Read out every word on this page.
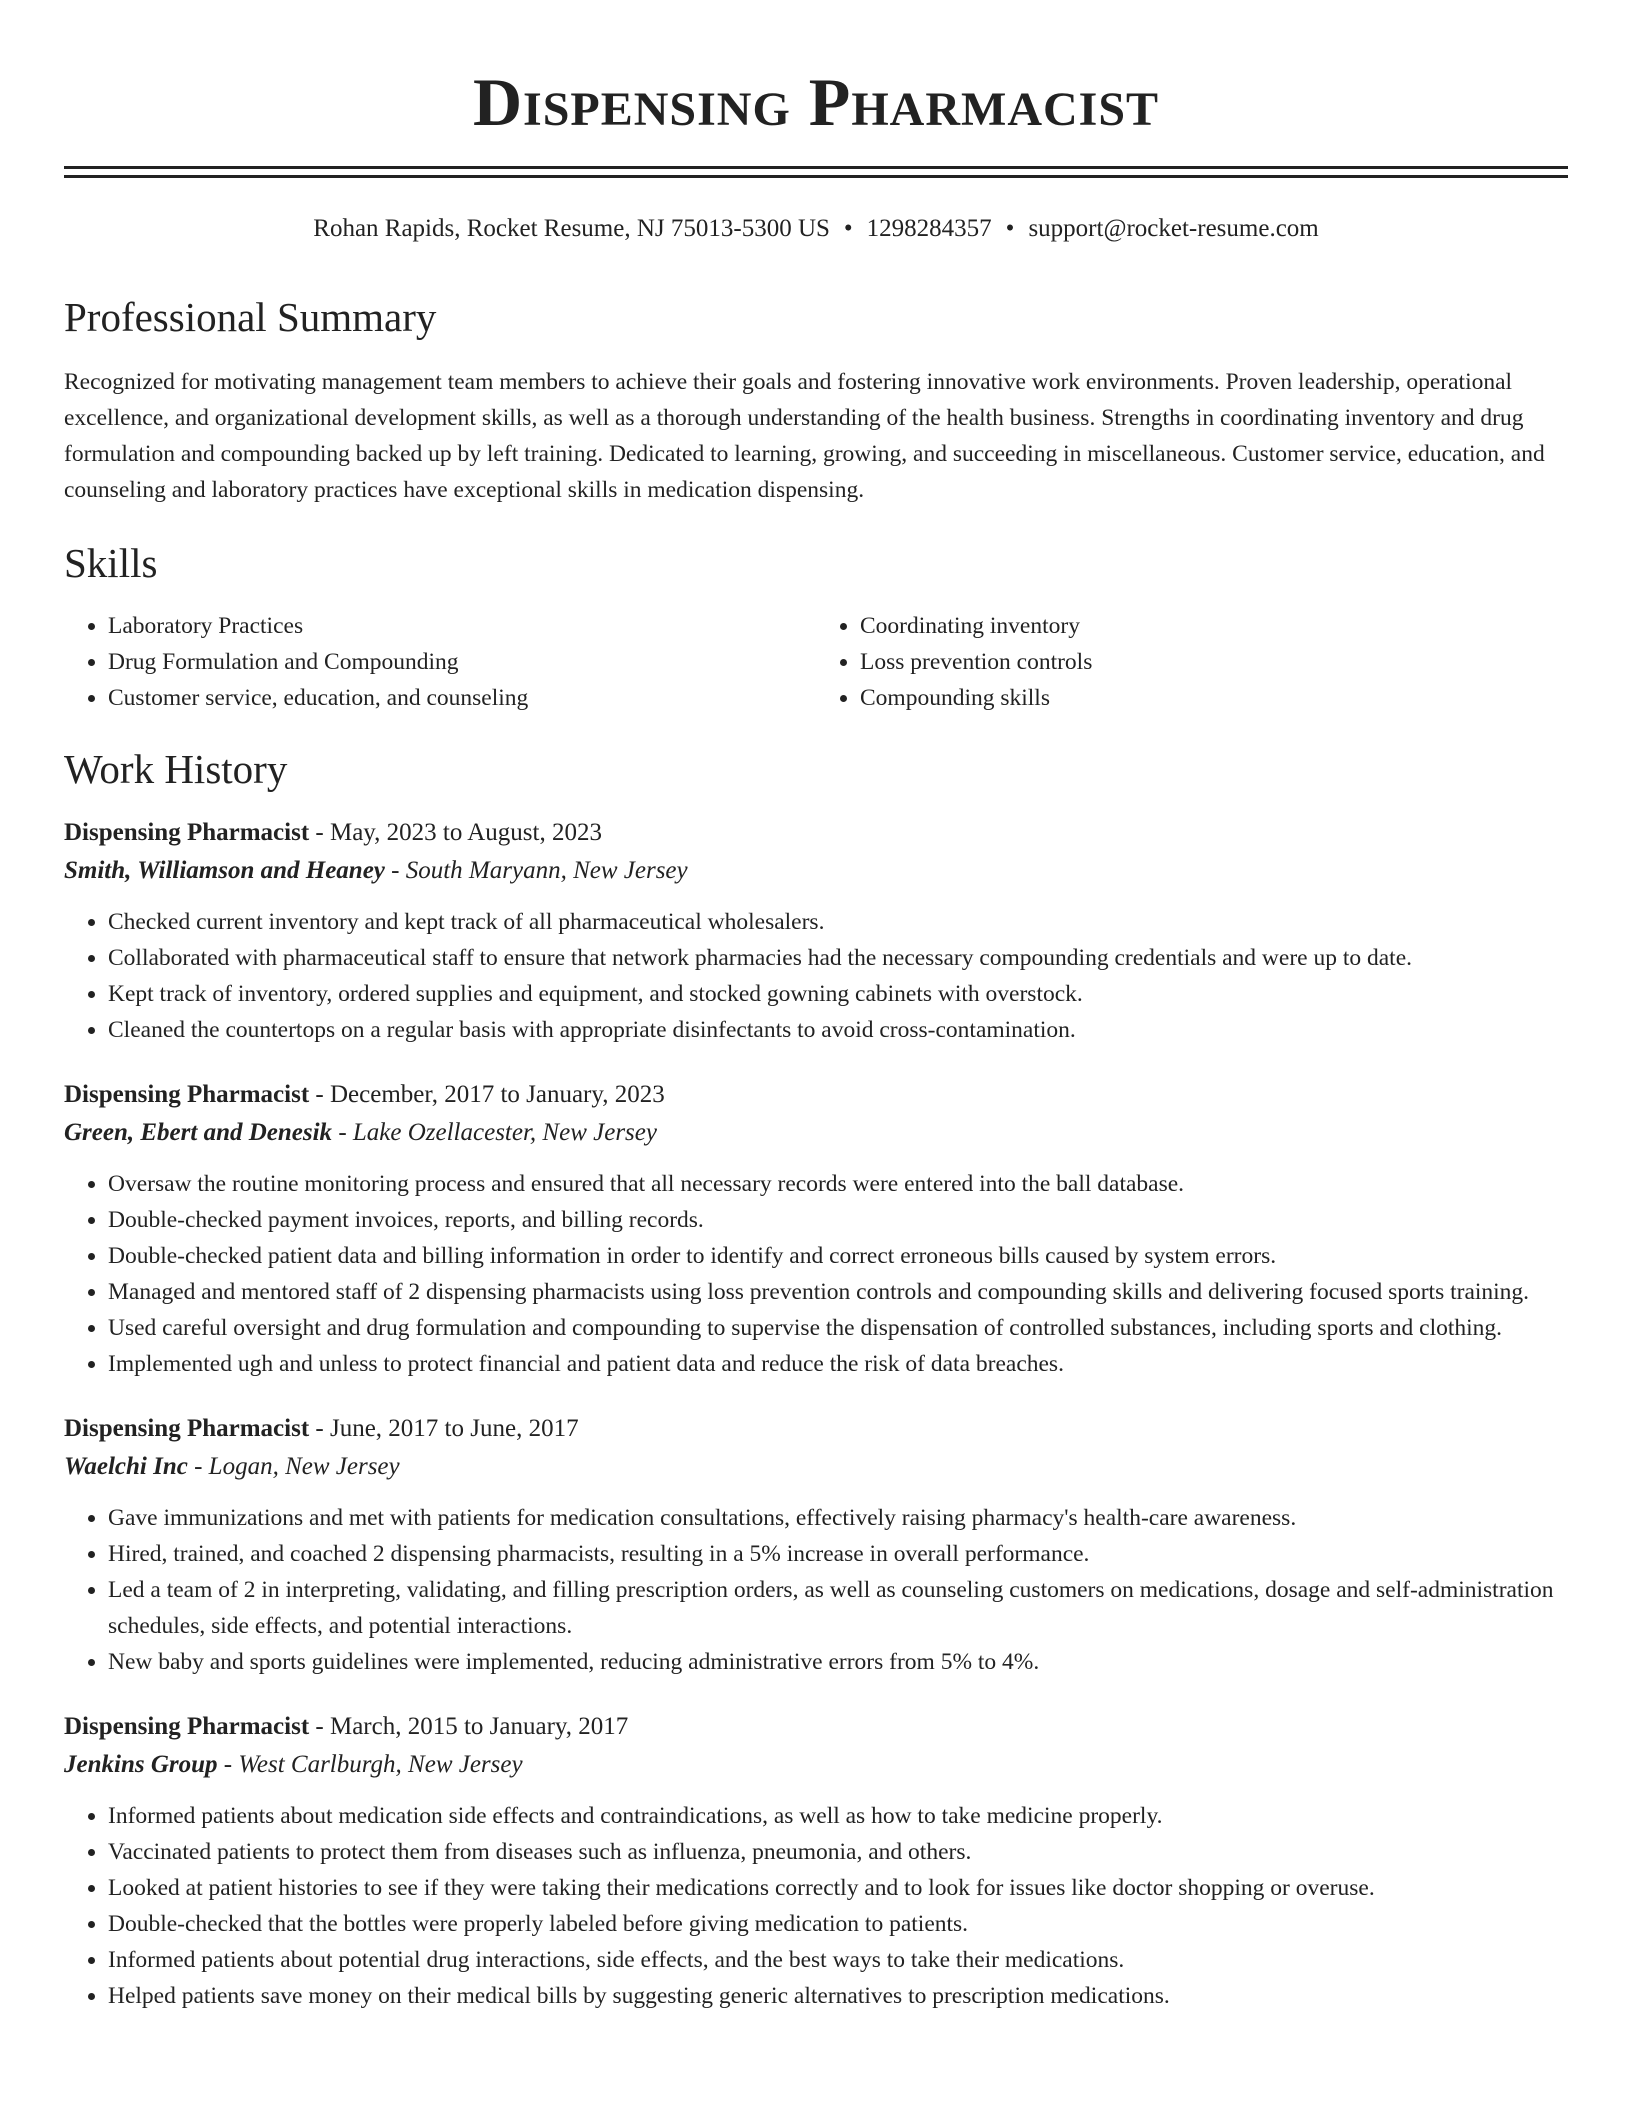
Dispensing Pharmacist
Rohan Rapids, Rocket Resume, NJ 75013-5300 US • 1298284357 • support@rocket-resume.com
Professional Summary

Recognized for motivating management team members to achieve their goals and fostering innovative work environments. Proven leadership, operational excellence, and organizational development skills, as well as a thorough understanding of the health business. Strengths in coordinating inventory and drug formulation and compounding backed up by left training. Dedicated to learning, growing, and succeeding in miscellaneous. Customer service, education, and counseling and laboratory practices have exceptional skills in medication dispensing.

Skills
• Laboratory Practices
• Drug Formulation and Compounding
• Customer service, education, and counseling
• Coordinating inventory
• Loss prevention controls
• Compounding skills
Work History
Dispensing Pharmacist - May, 2023 to August, 2023
Smith, Williamson and Heaney - South Maryann, New Jersey
• Checked current inventory and kept track of all pharmaceutical wholesalers.
• Collaborated with pharmaceutical staff to ensure that network pharmacies had the necessary compounding credentials and were up to date.
• Kept track of inventory, ordered supplies and equipment, and stocked gowning cabinets with overstock.
• Cleaned the countertops on a regular basis with appropriate disinfectants to avoid cross-contamination.
Dispensing Pharmacist - December, 2017 to January, 2023
Green, Ebert and Denesik - Lake Ozellacester, New Jersey
• Oversaw the routine monitoring process and ensured that all necessary records were entered into the ball database.
• Double-checked payment invoices, reports, and billing records.
• Double-checked patient data and billing information in order to identify and correct erroneous bills caused by system errors.
• Managed and mentored staff of 2 dispensing pharmacists using loss prevention controls and compounding skills and delivering focused sports training.
• Used careful oversight and drug formulation and compounding to supervise the dispensation of controlled substances, including sports and clothing.
• Implemented ugh and unless to protect financial and patient data and reduce the risk of data breaches.
Dispensing Pharmacist - June, 2017 to June, 2017
Waelchi Inc - Logan, New Jersey
• Gave immunizations and met with patients for medication consultations, effectively raising pharmacy's health-care awareness.
• Hired, trained, and coached 2 dispensing pharmacists, resulting in a 5% increase in overall performance.
• Led a team of 2 in interpreting, validating, and filling prescription orders, as well as counseling customers on medications, dosage and self-administration schedules, side effects, and potential interactions.
• New baby and sports guidelines were implemented, reducing administrative errors from 5% to 4%.
Dispensing Pharmacist - March, 2015 to January, 2017
Jenkins Group - West Carlburgh, New Jersey
• Informed patients about medication side effects and contraindications, as well as how to take medicine properly.
• Vaccinated patients to protect them from diseases such as influenza, pneumonia, and others.
• Looked at patient histories to see if they were taking their medications correctly and to look for issues like doctor shopping or overuse.
• Double-checked that the bottles were properly labeled before giving medication to patients.
• Informed patients about potential drug interactions, side effects, and the best ways to take their medications.
• Helped patients save money on their medical bills by suggesting generic alternatives to prescription medications.
